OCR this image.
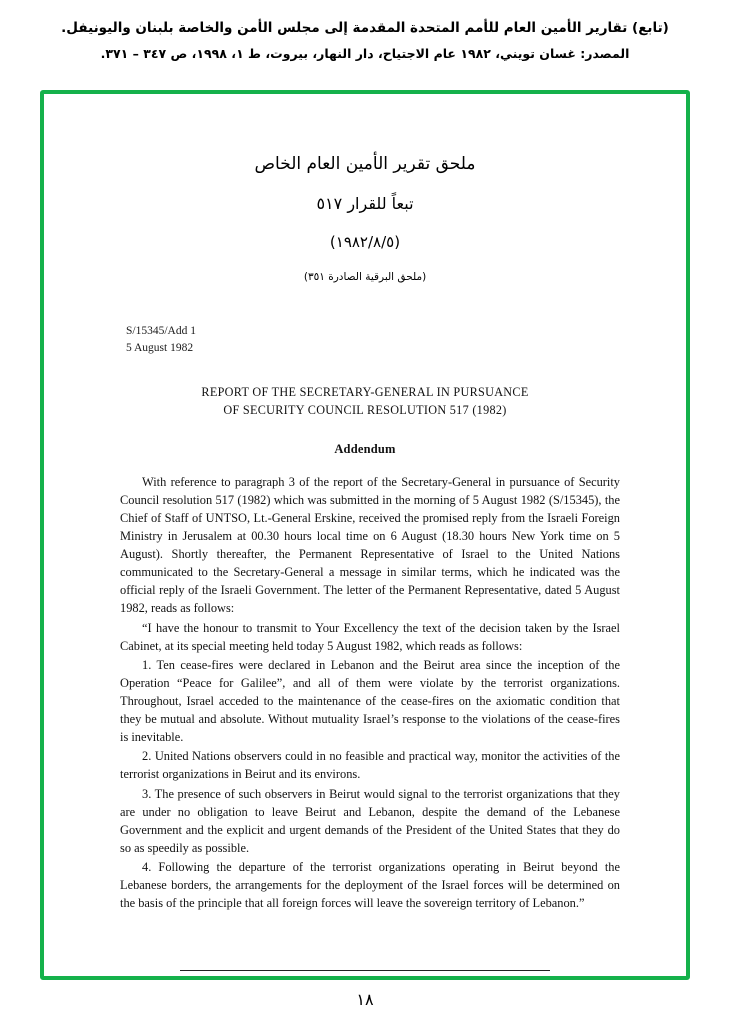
(تابع) تقارير الأمين العام للأمم المتحدة المقدمة إلى مجلس الأمن والخاصة بلبنان واليونيفل.
المصدر: غسان تويني، ١٩٨٢ عام الاجتياح، دار النهار، بيروت، ط ١، ١٩٩٨، ص ٣٤٧ – ٣٧١.
ملحق تقرير الأمين العام الخاص
تبعاً للقرار ٥١٧
(١٩٨٢/٨/٥)
(ملحق البرقية الصادرة ٣٥١)
S/15345/Add 1
5 August 1982
REPORT OF THE SECRETARY-GENERAL IN PURSUANCE
OF SECURITY COUNCIL RESOLUTION 517 (1982)
Addendum

With reference to paragraph 3 of the report of the Secretary-General in pursuance of Security Council resolution 517 (1982) which was submitted in the morning of 5 August 1982 (S/15345), the Chief of Staff of UNTSO, Lt.-General Erskine, received the promised reply from the Israeli Foreign Ministry in Jerusalem at 00.30 hours local time on 6 August (18.30 hours New York time on 5 August). Shortly thereafter, the Permanent Representative of Israel to the United Nations communicated to the Secretary-General a message in similar terms, which he indicated was the official reply of the Israeli Government. The letter of the Permanent Representative, dated 5 August 1982, reads as follows:

“I have the honour to transmit to Your Excellency the text of the decision taken by the Israel Cabinet, at its special meeting held today 5 August 1982, which reads as follows:

1. Ten cease-fires were declared in Lebanon and the Beirut area since the inception of the Operation “Peace for Galilee”, and all of them were violate by the terrorist organizations. Throughout, Israel acceded to the maintenance of the cease-fires on the axiomatic condition that they be mutual and absolute. Without mutuality Israel’s response to the violations of the cease-fires is inevitable.

2. United Nations observers could in no feasible and practical way, monitor the activities of the terrorist organizations in Beirut and its environs.

3. The presence of such observers in Beirut would signal to the terrorist organizations that they are under no obligation to leave Beirut and Lebanon, despite the demand of the Lebanese Government and the explicit and urgent demands of the President of the United States that they do so as speedily as possible.

4. Following the departure of the terrorist organizations operating in Beirut beyond the Lebanese borders, the arrangements for the deployment of the Israel forces will be determined on the basis of the principle that all foreign forces will leave the sovereign territory of Lebanon.”

١٨
